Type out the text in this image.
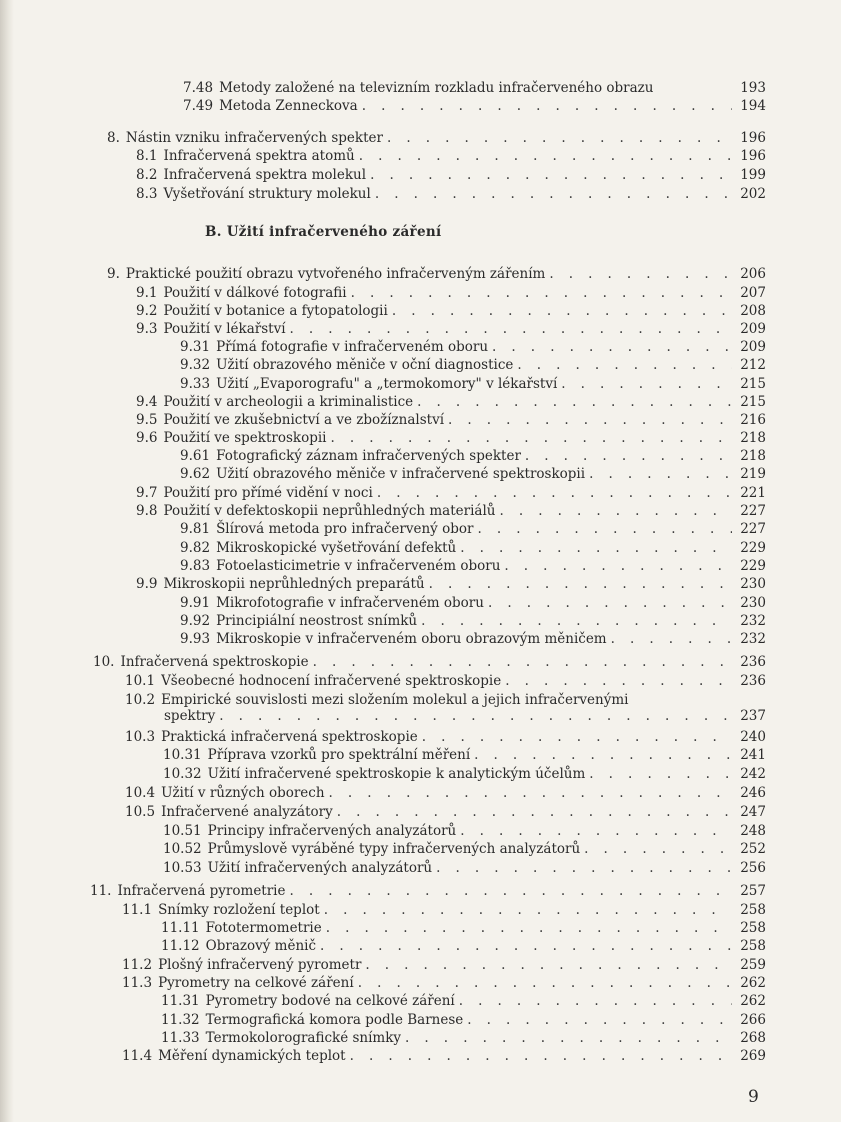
B. Užití infračerveného záření
7.48 Metody založené na televizním rozkladu infračerveného obrazu	193
7.49 Metoda Zenneckova . . .	194
8. Nástin vzniku infračervených spekter . . .	196
8.1 Infračervená spektra atomů . . .	196
8.2 Infračervená spektra molekul . . .	199
8.3 Vyšetřování struktury molekul . . .	202
9. Praktické použití obrazu vytvořeného infračerveným zářením . . .	206
9.1 Použití v dálkové fotografii . . .	207
9.2 Použití v botanice a fytopatologii . . .	208
9.3 Použití v lékařství . . .	209
9.31 Přímá fotografie v infračerveném oboru . . .	209
9.32 Užití obrazového měniče v oční diagnostice . . .	212
9.33 Užití „Evaporografu" a „termokomory" v lékařství . . .	215
9.4 Použití v archeologii a kriminalistice . . .	215
9.5 Použití ve zkušebnictví a ve zbožíznalství . . .	216
9.6 Použití ve spektroskopii . . .	218
9.61 Fotografický záznam infračervených spekter . . .	218
9.62 Užití obrazového měniče v infračervené spektroskopii . . .	219
9.7 Použití pro přímé vidění v noci . . .	221
9.8 Použití v defektoskopii neprůhledných materiálů . . .	227
9.81 Šlírová metoda pro infračervený obor . . .	227
9.82 Mikroskopické vyšetřování defektů . . .	229
9.83 Fotoelasticimetrie v infračerveném oboru . . .	229
9.9 Mikroskopii neprůhledných preparátů . . .	230
9.91 Mikrofotografie v infračerveném oboru . . .	230
9.92 Principiální neostrost snímků . . .	232
9.93 Mikroskopie v infračerveném oboru obrazovým měničem . . .	232
10. Infračervená spektroskopie . . .	236
10.1 Všeobecné hodnocení infračervené spektroskopie . . .	236
10.2 Empirické souvislosti mezi složením molekul a jejich infračervenými
spektry . . .	237
10.3 Praktická infračervená spektroskopie . . .	240
10.31 Příprava vzorků pro spektrální měření . . .	241
10.32 Užití infračervené spektroskopie k analytickým účelům . . .	242
10.4 Užití v různých oborech . . .	246
10.5 Infračervené analyzátory . . .	247
10.51 Principy infračervených analyzátorů . . .	248
10.52 Průmyslově vyráběné typy infračervených analyzátorů . . .	252
10.53 Užití infračervených analyzátorů . . .	256
11. Infračervená pyrometrie . . .	257
11.1 Snímky rozložení teplot . . .	258
11.11 Fototermometrie . . .	258
11.12 Obrazový měnič . . .	258
11.2 Plošný infračervený pyrometr . . .	259
11.3 Pyrometry na celkové záření . . .	262
11.31 Pyrometry bodové na celkové záření . . .	262
11.32 Termografická komora podle Barnese . . .	266
11.33 Termokolorografické snímky . . .	268
11.4 Měření dynamických teplot . . .	269
9
